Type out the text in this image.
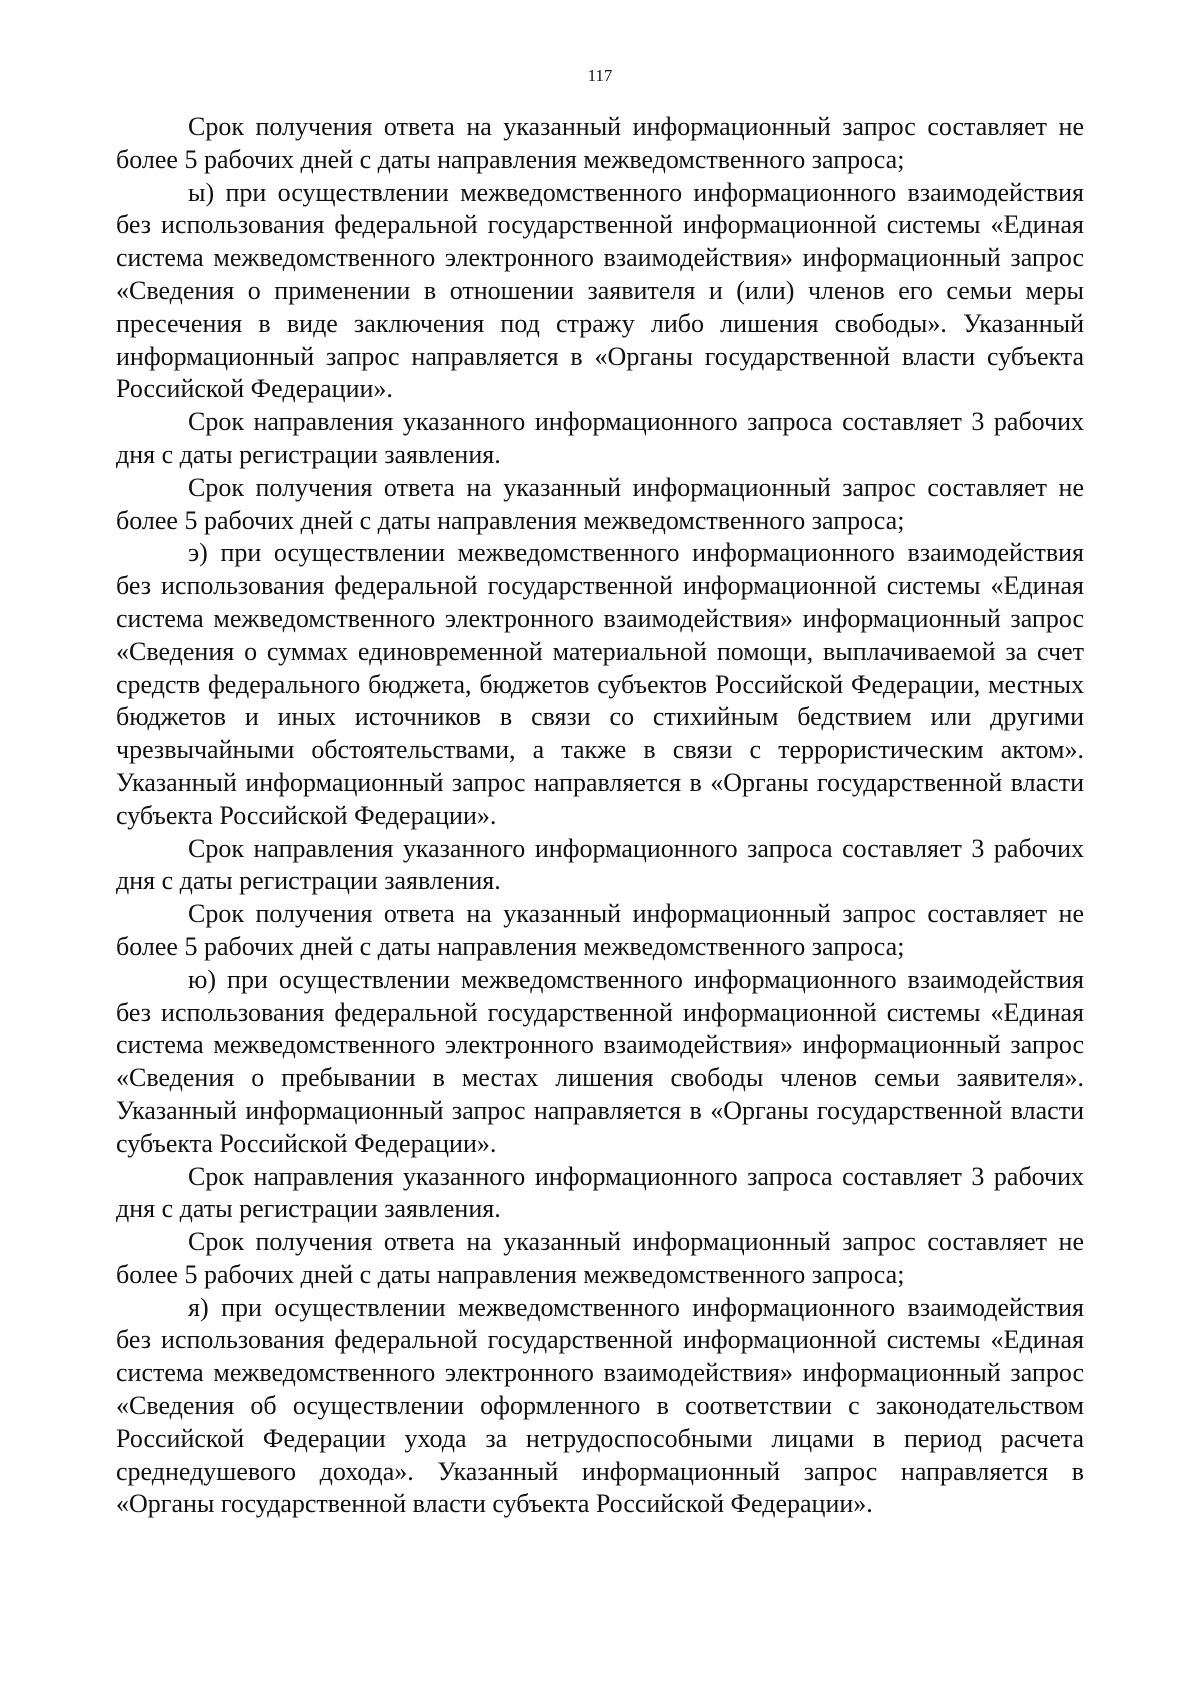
117

Срок получения ответа на указанный информационный запрос составляет не более 5 рабочих дней с даты направления межведомственного запроса;

ы) при осуществлении межведомственного информационного взаимодействия без использования федеральной государственной информационной системы «Единая система межведомственного электронного взаимодействия» информационный запрос «Сведения о применении в отношении заявителя и (или) членов его семьи меры пресечения в виде заключения под стражу либо лишения свободы». Указанный информационный запрос направляется в «Органы государственной власти субъекта Российской Федерации».

Срок направления указанного информационного запроса составляет 3 рабочих дня с даты регистрации заявления.

Срок получения ответа на указанный информационный запрос составляет не более 5 рабочих дней с даты направления межведомственного запроса;

э) при осуществлении межведомственного информационного взаимодействия без использования федеральной государственной информационной системы «Единая система межведомственного электронного взаимодействия» информационный запрос «Сведения о суммах единовременной материальной помощи, выплачиваемой за счет средств федерального бюджета, бюджетов субъектов Российской Федерации, местных бюджетов и иных источников в связи со стихийным бедствием или другими чрезвычайными обстоятельствами, а также в связи с террористическим актом». Указанный информационный запрос направляется в «Органы государственной власти субъекта Российской Федерации».

Срок направления указанного информационного запроса составляет 3 рабочих дня с даты регистрации заявления.

Срок получения ответа на указанный информационный запрос составляет не более 5 рабочих дней с даты направления межведомственного запроса;

ю) при осуществлении межведомственного информационного взаимодействия без использования федеральной государственной информационной системы «Единая система межведомственного электронного взаимодействия» информационный запрос «Сведения о пребывании в местах лишения свободы членов семьи заявителя». Указанный информационный запрос направляется в «Органы государственной власти субъекта Российской Федерации».

Срок направления указанного информационного запроса составляет 3 рабочих дня с даты регистрации заявления.

Срок получения ответа на указанный информационный запрос составляет не более 5 рабочих дней с даты направления межведомственного запроса;

я) при осуществлении межведомственного информационного взаимодействия без использования федеральной государственной информационной системы «Единая система межведомственного электронного взаимодействия» информационный запрос «Сведения об осуществлении оформленного в соответствии с законодательством Российской Федерации ухода за нетрудоспособными лицами в период расчета среднедушевого дохода». Указанный информационный запрос направляется в «Органы государственной власти субъекта Российской Федерации».
